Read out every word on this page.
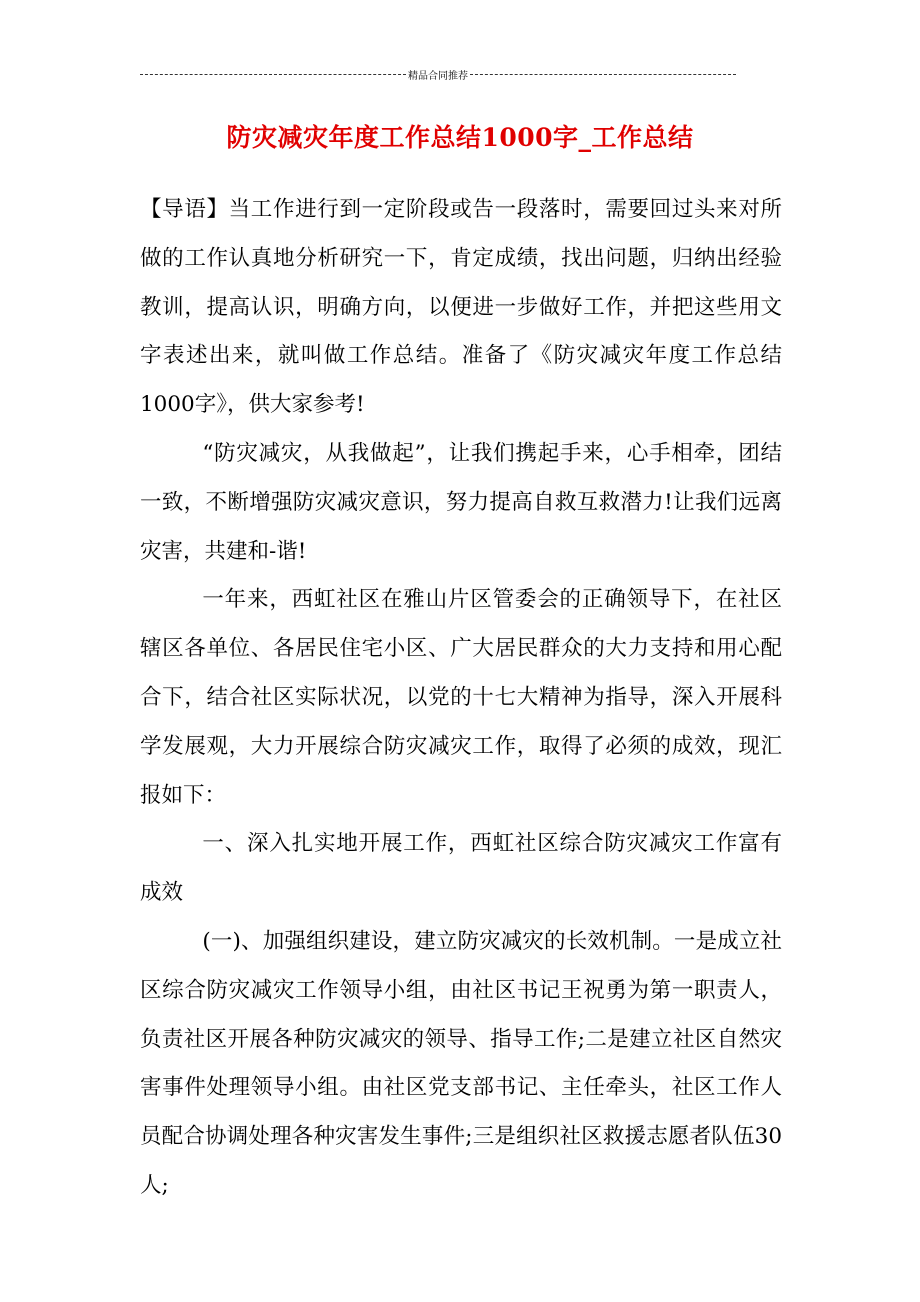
精品合同推荐
防灾减灾年度工作总结1000字_工作总结

【导语】当工作进行到一定阶段或告一段落时，需要回过头来对所做的工作认真地分析研究一下，肯定成绩，找出问题，归纳出经验教训，提高认识，明确方向，以便进一步做好工作，并把这些用文字表述出来，就叫做工作总结。准备了《防灾减灾年度工作总结1000字》，供大家参考!

“防灾减灾，从我做起”，让我们携起手来，心手相牵，团结一致，不断增强防灾减灾意识，努力提高自救互救潜力!让我们远离灾害，共建和-谐!

一年来，西虹社区在雅山片区管委会的正确领导下，在社区辖区各单位、各居民住宅小区、广大居民群众的大力支持和用心配合下，结合社区实际状况，以党的十七大精神为指导，深入开展科学发展观，大力开展综合防灾减灾工作，取得了必须的成效，现汇报如下：

一、深入扎实地开展工作，西虹社区综合防灾减灾工作富有成效

(一)、加强组织建设，建立防灾减灾的长效机制。一是成立社区综合防灾减灾工作领导小组，由社区书记王祝勇为第一职责人，负责社区开展各种防灾减灾的领导、指导工作;二是建立社区自然灾害事件处理领导小组。由社区党支部书记、主任牵头，社区工作人员配合协调处理各种灾害发生事件;三是组织社区救援志愿者队伍30人;
